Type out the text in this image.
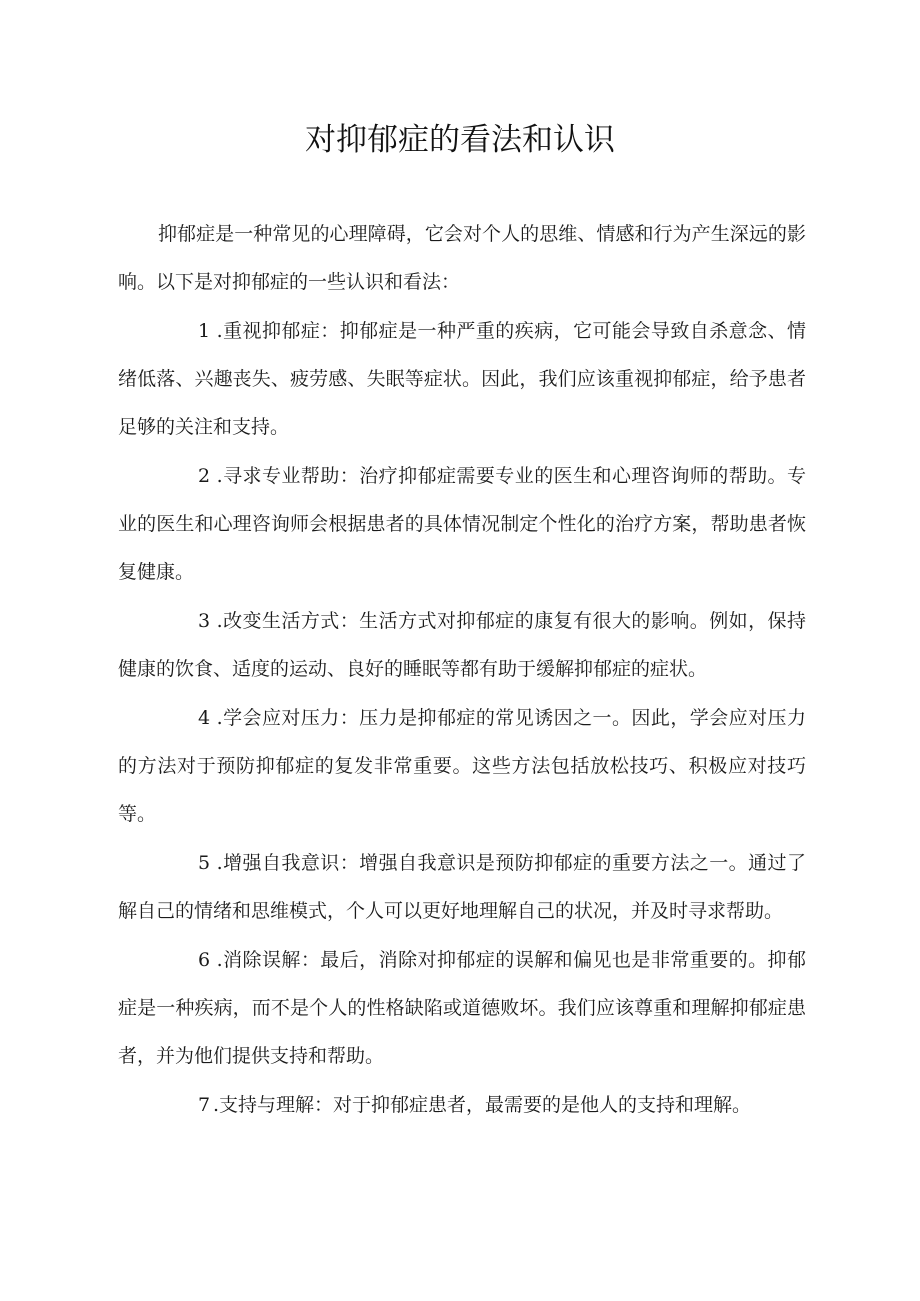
对抑郁症的看法和认识

抑郁症是一种常见的心理障碍，它会对个人的思维、情感和行为产生深远的影响。以下是对抑郁症的一些认识和看法：

1 .重视抑郁症：抑郁症是一种严重的疾病，它可能会导致自杀意念、情绪低落、兴趣丧失、疲劳感、失眠等症状。因此，我们应该重视抑郁症，给予患者足够的关注和支持。

2 .寻求专业帮助：治疗抑郁症需要专业的医生和心理咨询师的帮助。专业的医生和心理咨询师会根据患者的具体情况制定个性化的治疗方案，帮助患者恢复健康。

3 .改变生活方式：生活方式对抑郁症的康复有很大的影响。例如，保持健康的饮食、适度的运动、良好的睡眠等都有助于缓解抑郁症的症状。

4 .学会应对压力：压力是抑郁症的常见诱因之一。因此，学会应对压力的方法对于预防抑郁症的复发非常重要。这些方法包括放松技巧、积极应对技巧等。

5 .增强自我意识：增强自我意识是预防抑郁症的重要方法之一。通过了解自己的情绪和思维模式，个人可以更好地理解自己的状况，并及时寻求帮助。

6 .消除误解：最后，消除对抑郁症的误解和偏见也是非常重要的。抑郁症是一种疾病，而不是个人的性格缺陷或道德败坏。我们应该尊重和理解抑郁症患者，并为他们提供支持和帮助。

7 .支持与理解：对于抑郁症患者，最需要的是他人的支持和理解。
